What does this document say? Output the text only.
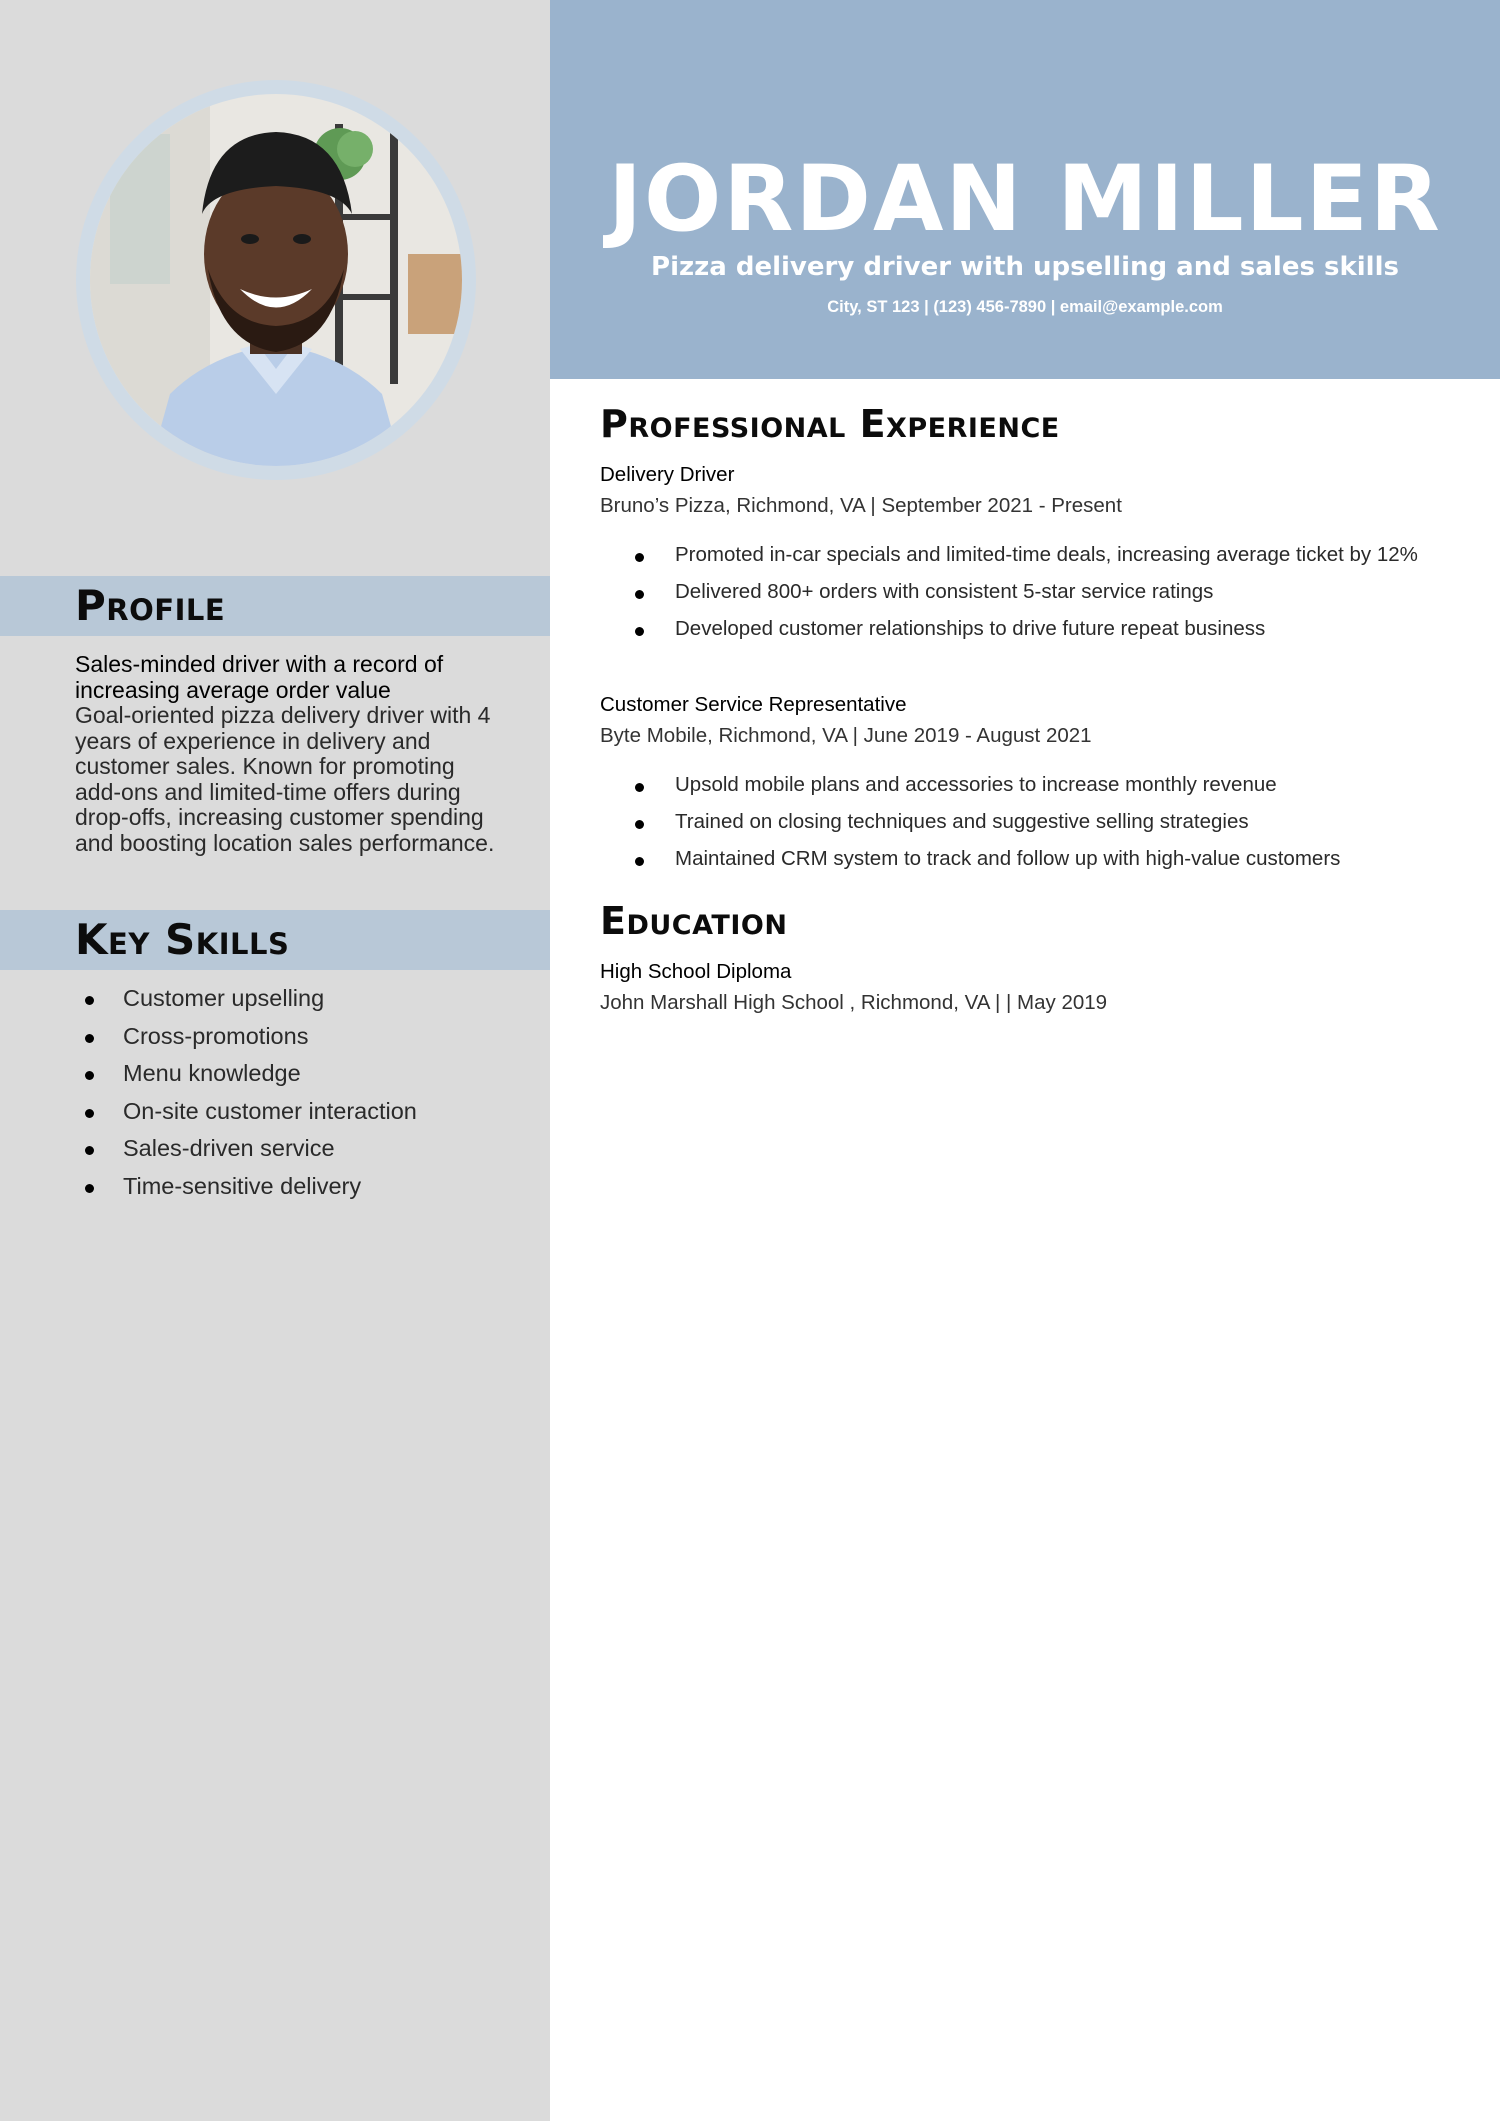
Profile
Sales-minded driver with a record of increasing average order value
Goal-oriented pizza delivery driver with 4 years of experience in delivery and customer sales. Known for promoting add-ons and limited-time offers during drop-offs, increasing customer spending and boosting location sales performance.
Key Skills
Customer upselling
Cross-promotions
Menu knowledge
On-site customer interaction
Sales-driven service
Time-sensitive delivery
JORDAN MILLER
Pizza delivery driver with upselling and sales skills
City, ST 123 | (123) 456-7890 | email@example.com
Professional Experience
Delivery Driver
Bruno’s Pizza, Richmond, VA | September 2021 - Present
Promoted in-car specials and limited-time deals, increasing average ticket by 12%
Delivered 800+ orders with consistent 5-star service ratings
Developed customer relationships to drive future repeat business
Customer Service Representative
Byte Mobile, Richmond, VA | June 2019 - August 2021
Upsold mobile plans and accessories to increase monthly revenue
Trained on closing techniques and suggestive selling strategies
Maintained CRM system to track and follow up with high-value customers
Education
High School Diploma
John Marshall High School , Richmond, VA | | May 2019
